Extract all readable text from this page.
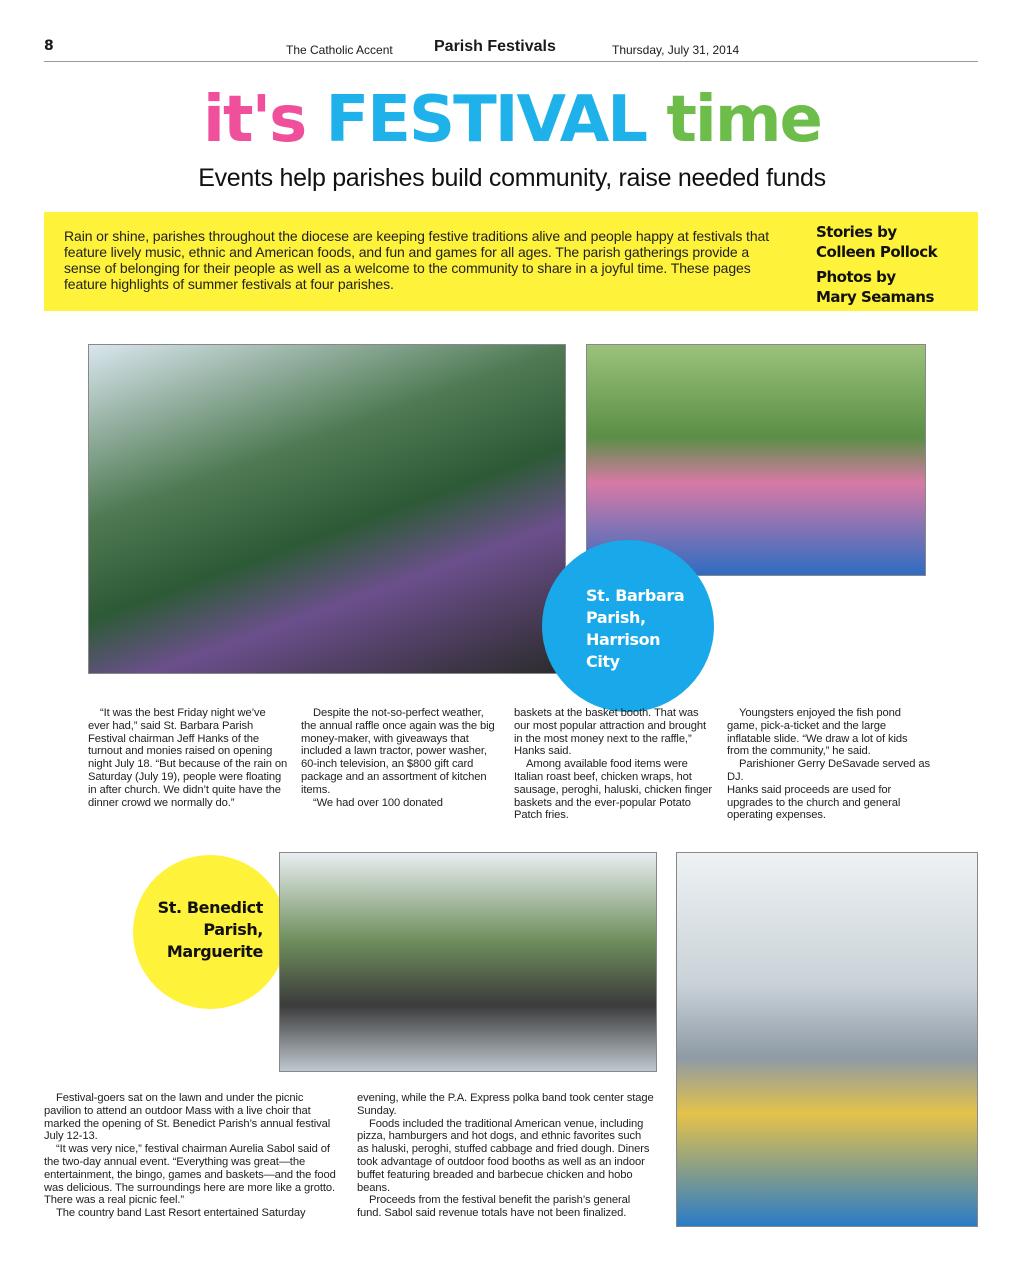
8	The Catholic Accent	Parish Festivals	Thursday, July 31, 2014
it's FESTIVAL time
Events help parishes build community, raise needed funds
Rain or shine, parishes throughout the diocese are keeping festive traditions alive and people happy at festivals that feature lively music, ethnic and American foods, and fun and games for all ages. The parish gatherings provide a sense of belonging for their people as well as a welcome to the community to share in a joyful time. These pages feature highlights of summer festivals at four parishes.
Stories by
Colleen Pollock
Photos by
Mary Seamans
St. Barbara
Parish,
Harrison
City

“It was the best Friday night we’ve ever had,” said St. Barbara Parish Festival chairman Jeff Hanks of the turnout and monies raised on opening night July 18. “But because of the rain on Saturday (July 19), people were floating in after church. We didn’t quite have the dinner crowd we normally do.”

Despite the not-so-perfect weather, the annual raffle once again was the big money-maker, with giveaways that included a lawn tractor, power washer, 60-inch television, an $800 gift card package and an assortment of kitchen items.

“We had over 100 donated

baskets at the basket booth. That was our most popular attraction and brought in the most money next to the raffle,” Hanks said.

Among available food items were Italian roast beef, chicken wraps, hot sausage, peroghi, haluski, chicken finger baskets and the ever-popular Potato Patch fries.

Youngsters enjoyed the fish pond game, pick-a-ticket and the large inflatable slide. “We draw a lot of kids from the community,” he said.

Parishioner Gerry DeSavade served as DJ.

Hanks said proceeds are used for upgrades to the church and general operating expenses.

St. Benedict
Parish,
Marguerite

Festival-goers sat on the lawn and under the picnic pavilion to attend an outdoor Mass with a live choir that marked the opening of St. Benedict Parish’s annual festival July 12-13.

“It was very nice,” festival chairman Aurelia Sabol said of the two-day annual event. “Everything was great—the entertainment, the bingo, games and baskets—and the food was delicious. The surroundings here are more like a grotto. There was a real picnic feel.”

The country band Last Resort entertained Saturday

evening, while the P.A. Express polka band took center stage Sunday.

Foods included the traditional American venue, including pizza, hamburgers and hot dogs, and ethnic favorites such as haluski, peroghi, stuffed cabbage and fried dough. Diners took advantage of outdoor food booths as well as an indoor buffet featuring breaded and barbecue chicken and hobo beans.

Proceeds from the festival benefit the parish’s general fund. Sabol said revenue totals have not been finalized.
